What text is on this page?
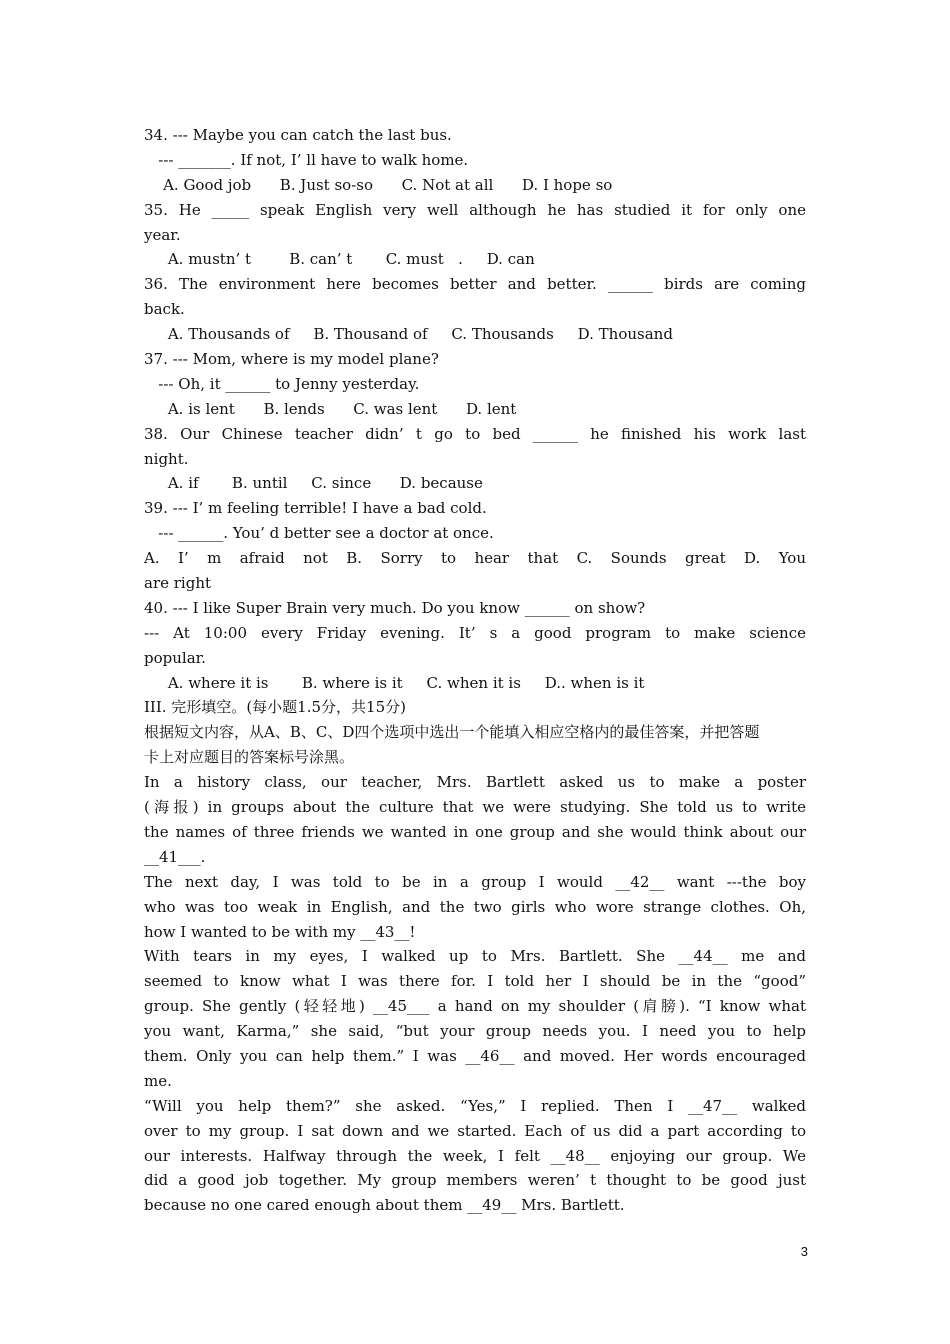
34. --- Maybe you can catch the last bus.
--- _______. If not, I’ ll have to walk home.
A. Good job      B. Just so-so      C. Not at all      D. I hope so
35. He _____ speak English very well although he has studied it for only one
year.
A. mustn’ t        B. can’ t       C. must   .     D. can
36. The environment here becomes better and better. ______ birds are coming
back.
A. Thousands of     B. Thousand of     C. Thousands     D. Thousand
37. --- Mom, where is my model plane?
--- Oh, it ______ to Jenny yesterday.
A. is lent      B. lends      C. was lent      D. lent
38. Our Chinese teacher didn’ t go to bed ______ he finished his work last
night.
A. if       B. until     C. since      D. because
39. --- I’ m feeling terrible! I have a bad cold.
--- ______. You’ d better see a doctor at once.
A. I’ m afraid not B. Sorry to hear that C. Sounds great D. You
are right
40. --- I like Super Brain very much. Do you know ______ on show?
--- At 10:00 every Friday evening. It’ s a good program to make science
popular.
A. where it is       B. where is it     C. when it is     D.. when is it
III. 完形填空。(每小题1.5分，共15分)
根据短文内容，从A、B、C、D四个选项中选出一个能填入相应空格内的最佳答案，并把答题
卡上对应题目的答案标号涂黑。
In a history class, our teacher, Mrs. Bartlett asked us to make a poster
(海报) in groups about the culture that we were studying. She told us to write
the names of three friends we wanted in one group and she would think about our
__41___.
The next day, I was told to be in a group I would __42__ want ---the boy
who was too weak in English, and the two girls who wore strange clothes. Oh,
how I wanted to be with my __43__!
With tears in my eyes, I walked up to Mrs. Bartlett. She __44__ me and
seemed to know what I was there for. I told her I should be in the “good”
group. She gently (轻轻地) __45___ a hand on my shoulder (肩膀). “I know what
you want, Karma,” she said, “but your group needs you. I need you to help
them. Only you can help them.” I was __46__ and moved. Her words encouraged
me.
“Will you help them?” she asked. “Yes,” I replied. Then I __47__ walked
over to my group. I sat down and we started. Each of us did a part according to
our interests. Halfway through the week, I felt __48__ enjoying our group. We
did a good job together. My group members weren’ t thought to be good just
because no one cared enough about them __49__ Mrs. Bartlett.
3
